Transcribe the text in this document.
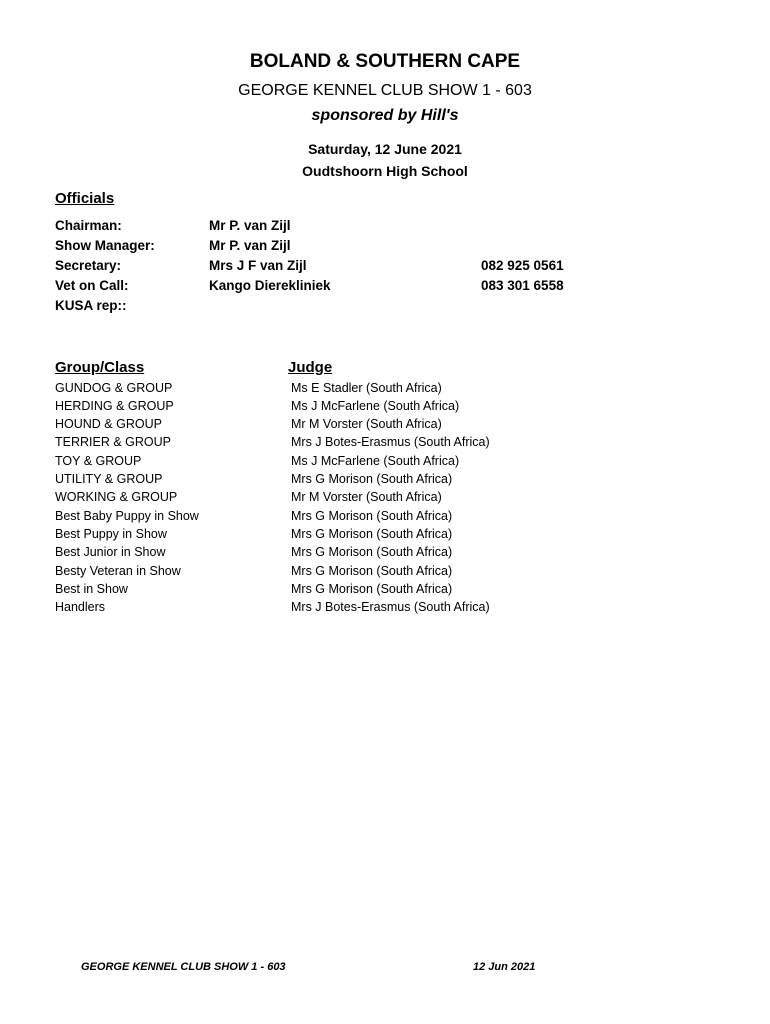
BOLAND & SOUTHERN CAPE
GEORGE KENNEL CLUB SHOW 1 - 603
sponsored by Hill's
Saturday, 12 June 2021
Oudtshoorn High School
Officials
Chairman:	Mr P. van Zijl
Show Manager:	Mr P. van Zijl
Secretary:	Mrs J F van Zijl	082 925 0561
Vet on Call:	Kango Dierekliniek	083 301 6558
KUSA rep::
Group/Class	Judge
GUNDOG & GROUP	Ms E Stadler (South Africa)
HERDING & GROUP	Ms J McFarlene (South Africa)
HOUND & GROUP	Mr M Vorster (South Africa)
TERRIER & GROUP	Mrs J Botes-Erasmus (South Africa)
TOY & GROUP	Ms J McFarlene (South Africa)
UTILITY & GROUP	Mrs G Morison (South Africa)
WORKING & GROUP	Mr M Vorster (South Africa)
Best Baby Puppy in Show	Mrs G Morison (South Africa)
Best Puppy in Show	Mrs G Morison (South Africa)
Best Junior in Show	Mrs G Morison (South Africa)
Besty Veteran in Show	Mrs G Morison (South Africa)
Best in Show	Mrs G Morison (South Africa)
Handlers	Mrs J Botes-Erasmus (South Africa)
GEORGE KENNEL CLUB SHOW 1 - 603	12 Jun 2021
